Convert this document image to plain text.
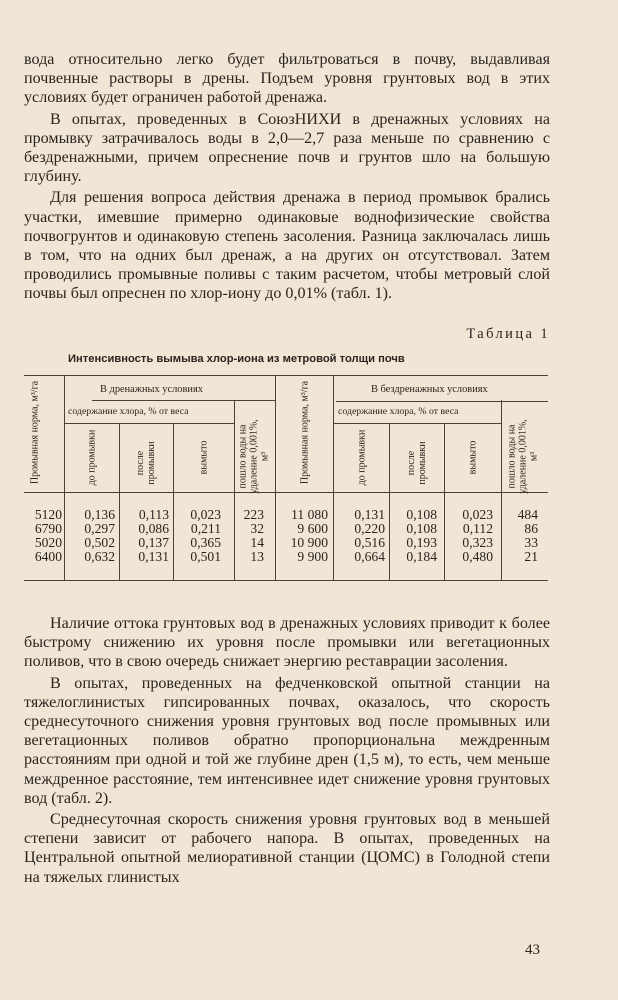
вода относительно легко будет фильтроваться в почву, выдавливая почвенные растворы в дрены. Подъем уровня грунтовых вод в этих условиях будет ограничен работой дренажа.

В опытах, проведенных в СоюзНИХИ в дренажных условиях на промывку затрачивалось воды в 2,0—2,7 раза меньше по сравнению с бездренажными, причем опреснение почв и грунтов шло на большую глубину.

Для решения вопроса действия дренажа в период промывок брались участки, имевшие примерно одинаковые воднофизические свойства почвогрунтов и одинаковую степень засоления. Разница заключалась лишь в том, что на одних был дренаж, а на других он отсутствовал. Затем проводились промывные поливы с таким расчетом, чтобы метровый слой почвы был опреснен по хлор-иону до 0,01% (табл. 1).

Таблица 1
Интенсивность вымыва хлор-иона из метровой толщи почв
В дренажных условиях	В бездренажных условиях
содержание хлора, % от веса	содержание хлора, % от веса
Промывная норма, м³/га	до промывки	после промывки	вымыто	пошло воды на удаление 0,001%, м³	Промывная норма, м³/га	до промывки	после промывки	вымыто	пошло воды на удаление 0,001%, м³
5120	0,136	0,113	0,023	223	11 080	0,131	0,108	0,023	484
6790	0,297	0,086	0,211	32	9 600	0,220	0,108	0,112	86
5020	0,502	0,137	0,365	14	10 900	0,516	0,193	0,323	33
6400	0,632	0,131	0,501	13	9 900	0,664	0,184	0,480	21

Наличие оттока грунтовых вод в дренажных условиях приводит к более быстрому снижению их уровня после промывки или вегетационных поливов, что в свою очередь снижает энергию реставрации засоления.

В опытах, проведенных на федченковской опытной станции на тяжелоглинистых гипсированных почвах, оказалось, что скорость среднесуточного снижения уровня грунтовых вод после промывных или вегетационных поливов обратно пропорциональна междренным расстояниям при одной и той же глубине дрен (1,5 м), то есть, чем меньше междренное расстояние, тем интенсивнее идет снижение уровня грунтовых вод (табл. 2).

Среднесуточная скорость снижения уровня грунтовых вод в меньшей степени зависит от рабочего напора. В опытах, проведенных на Центральной опытной мелиоративной станции (ЦОМС) в Голодной степи на тяжелых глинистых

43
